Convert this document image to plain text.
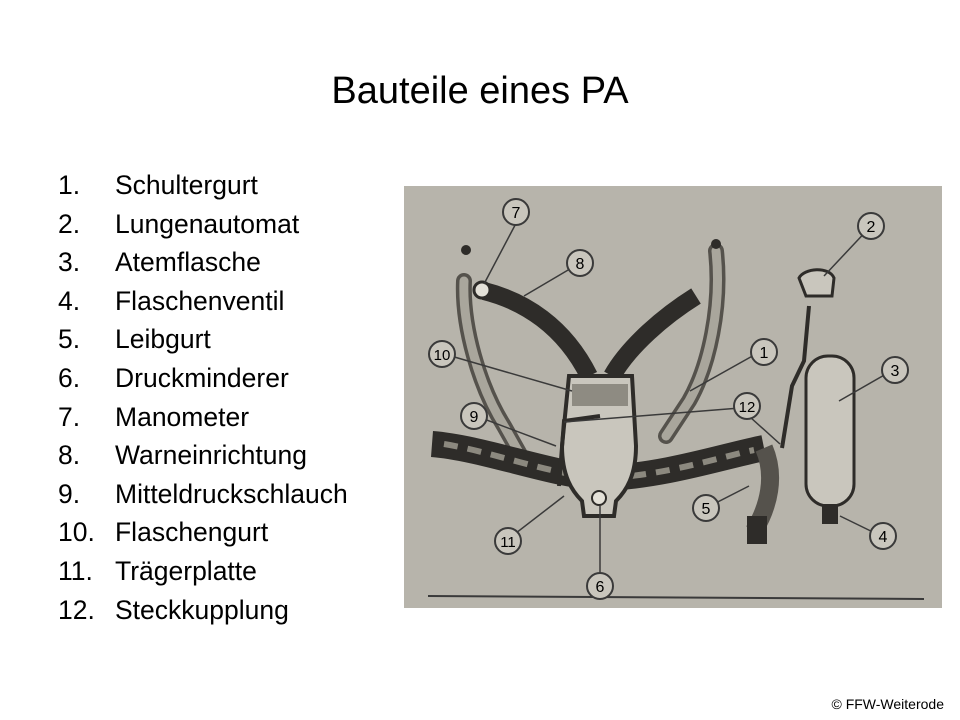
Bauteile eines PA
1.	Schultergurt
2.	Lungenautomat
3.	Atemflasche
4.	Flaschenventil
5.	Leibgurt
6.	Druckminderer
7.	Manometer
8.	Warneinrichtung
9.	Mitteldruckschlauch
10. Flaschengurt
11. Trägerplatte
12. Steckkupplung
7
8
2
10	1
3
9
12
5
11	4
6
© FFW-Weiterode
